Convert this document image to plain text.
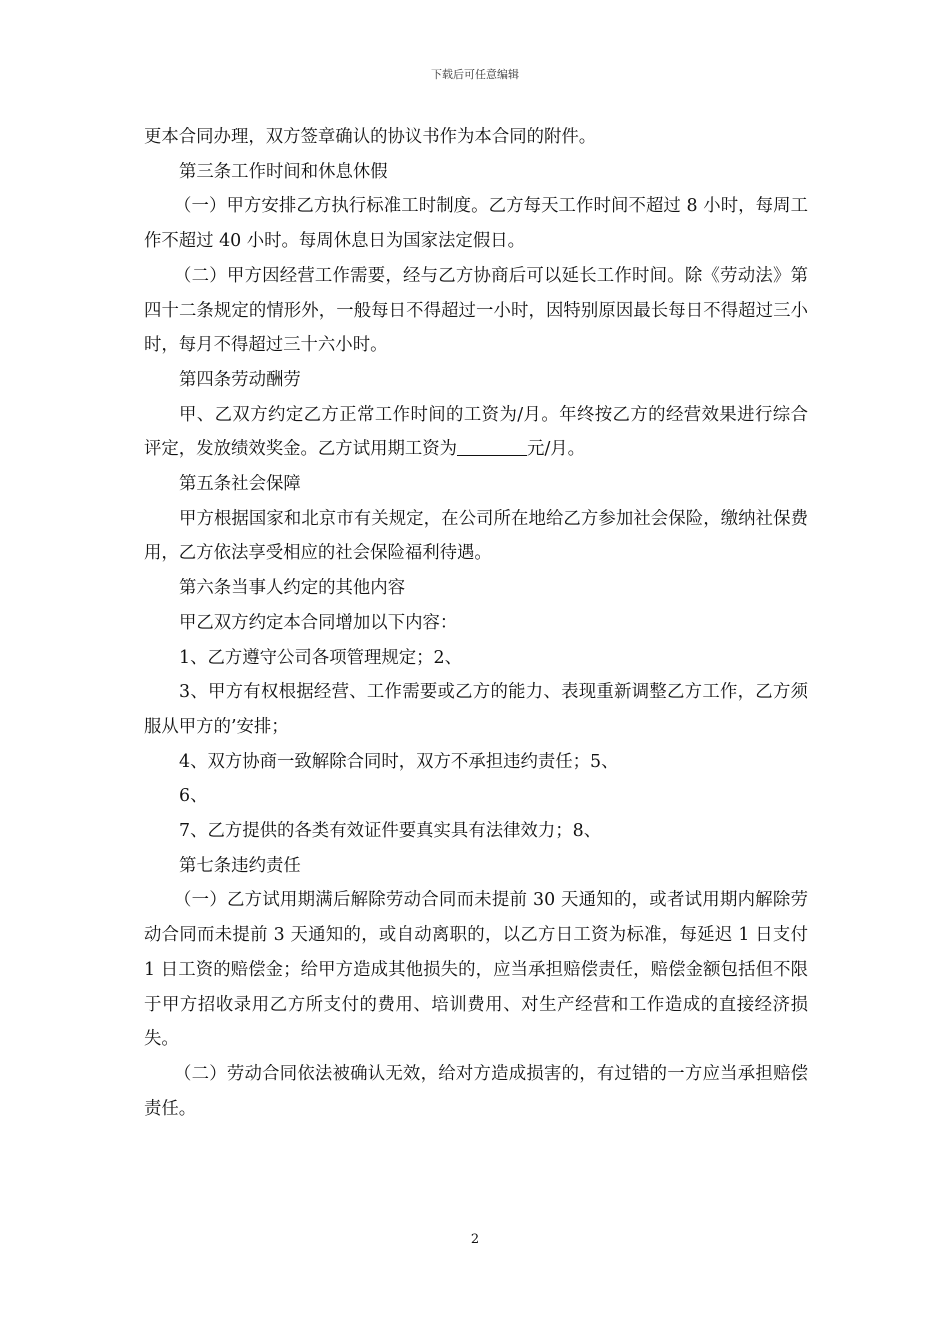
下载后可任意编辑

更本合同办理，双方签章确认的协议书作为本合同的附件。

第三条工作时间和休息休假

（一）甲方安排乙方执行标准工时制度。乙方每天工作时间不超过 8 小时，每周工作不超过 40 小时。每周休息日为国家法定假日。

（二）甲方因经营工作需要，经与乙方协商后可以延长工作时间。除《劳动法》第四十二条规定的情形外，一般每日不得超过一小时，因特别原因最长每日不得超过三小时，每月不得超过三十六小时。

第四条劳动酬劳

甲、乙双方约定乙方正常工作时间的工资为/月。年终按乙方的经营效果进行综合评定，发放绩效奖金。乙方试用期工资为	元/月。

第五条社会保障

甲方根据国家和北京市有关规定，在公司所在地给乙方参加社会保险，缴纳社保费用，乙方依法享受相应的社会保险福利待遇。

第六条当事人约定的其他内容

甲乙双方约定本合同增加以下内容：

1、乙方遵守公司各项管理规定；2、

3、甲方有权根据经营、工作需要或乙方的能力、表现重新调整乙方工作，乙方须服从甲方的’安排；

4、双方协商一致解除合同时，双方不承担违约责任；5、

6、

7、乙方提供的各类有效证件要真实具有法律效力；8、

第七条违约责任

（一）乙方试用期满后解除劳动合同而未提前 30 天通知的，或者试用期内解除劳动合同而未提前 3 天通知的，或自动离职的，以乙方日工资为标准，每延迟 1 日支付 1 日工资的赔偿金；给甲方造成其他损失的，应当承担赔偿责任，赔偿金额包括但不限于甲方招收录用乙方所支付的费用、培训费用、对生产经营和工作造成的直接经济损失。

（二）劳动合同依法被确认无效，给对方造成损害的，有过错的一方应当承担赔偿责任。

2
